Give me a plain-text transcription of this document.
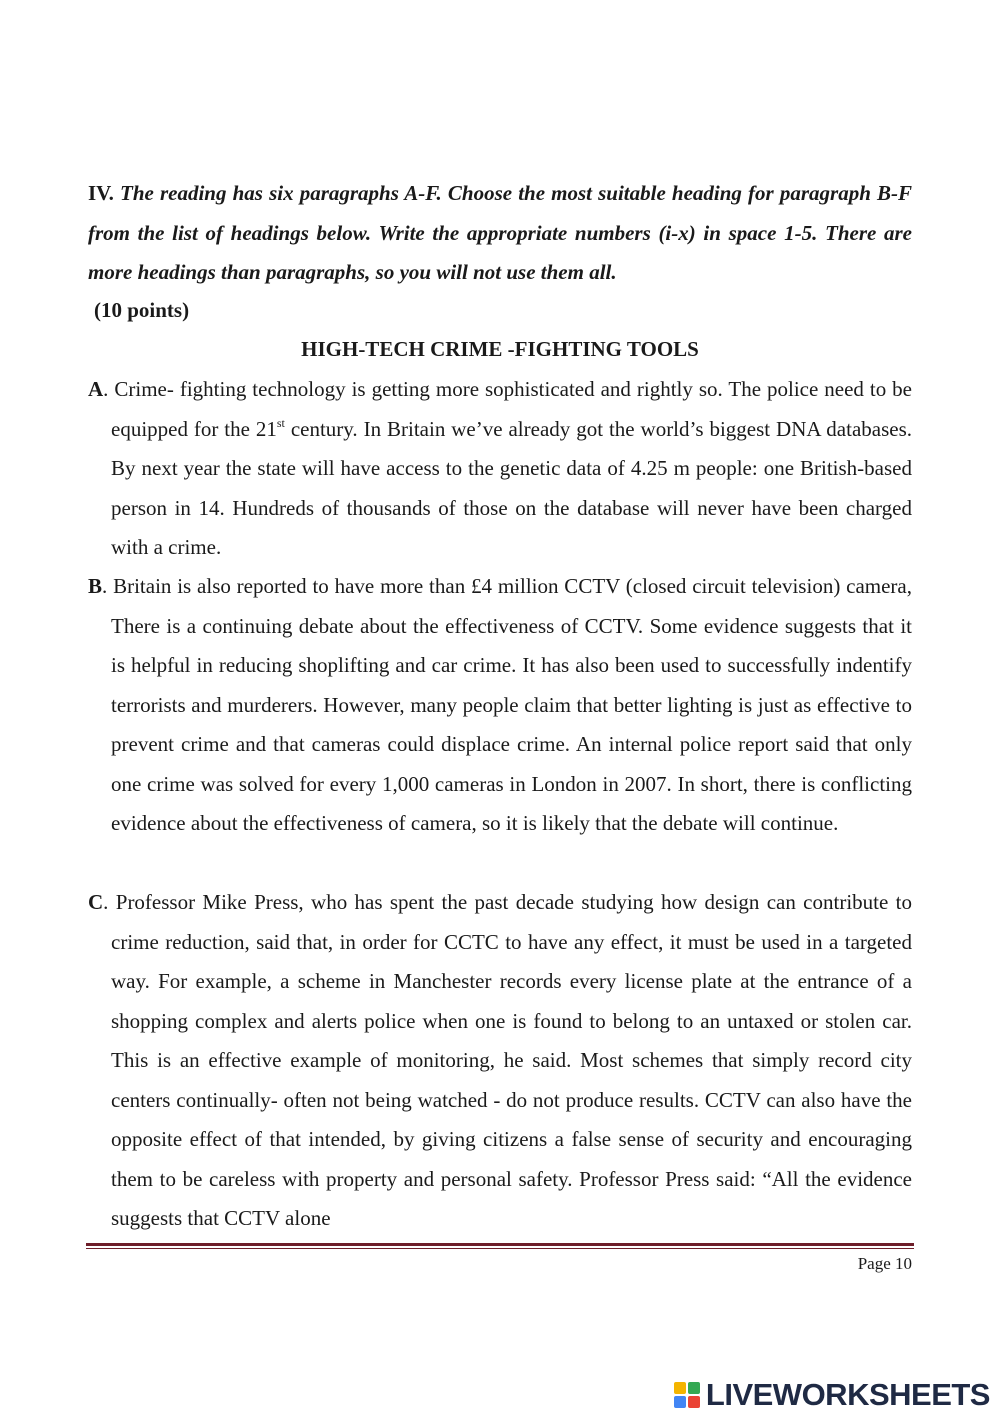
IV. The reading has six paragraphs A-F. Choose the most suitable heading for paragraph B-F from the list of headings below. Write the appropriate numbers (i-x) in space 1-5. There are more headings than paragraphs, so you will not use them all.

(10 points)

HIGH-TECH CRIME -FIGHTING TOOLS

A. Crime- fighting technology is getting more sophisticated and rightly so. The police need to be equipped for the 21st century. In Britain we’ve already got the world’s biggest DNA databases. By next year the state will have access to the genetic data of 4.25 m people: one British-based person in 14. Hundreds of thousands of those on the database will never have been charged with a crime.

B. Britain is also reported to have more than £4 million CCTV (closed circuit television) camera, There is a continuing debate about the effectiveness of CCTV. Some evidence suggests that it is helpful in reducing shoplifting and car crime. It has also been used to successfully indentify terrorists and murderers. However, many people claim that better lighting is just as effective to prevent crime and that cameras could displace crime. An internal police report said that only one crime was solved for every 1,000 cameras in London in 2007. In short, there is conflicting evidence about the effectiveness of camera, so it is likely that the debate will continue.

C. Professor Mike Press, who has spent the past decade studying how design can contribute to crime reduction, said that, in order for CCTC to have any effect, it must be used in a targeted way. For example, a scheme in Manchester records every license plate at the entrance of a shopping complex and alerts police when one is found to belong to an untaxed or stolen car. This is an effective example of monitoring, he said. Most schemes that simply record city centers continually- often not being watched - do not produce results. CCTV can also have the opposite effect of that intended, by giving citizens a false sense of security and encouraging them to be careless with property and personal safety. Professor Press said: “All the evidence suggests that CCTV alone

Page 10

LIVEWORKSHEETS
